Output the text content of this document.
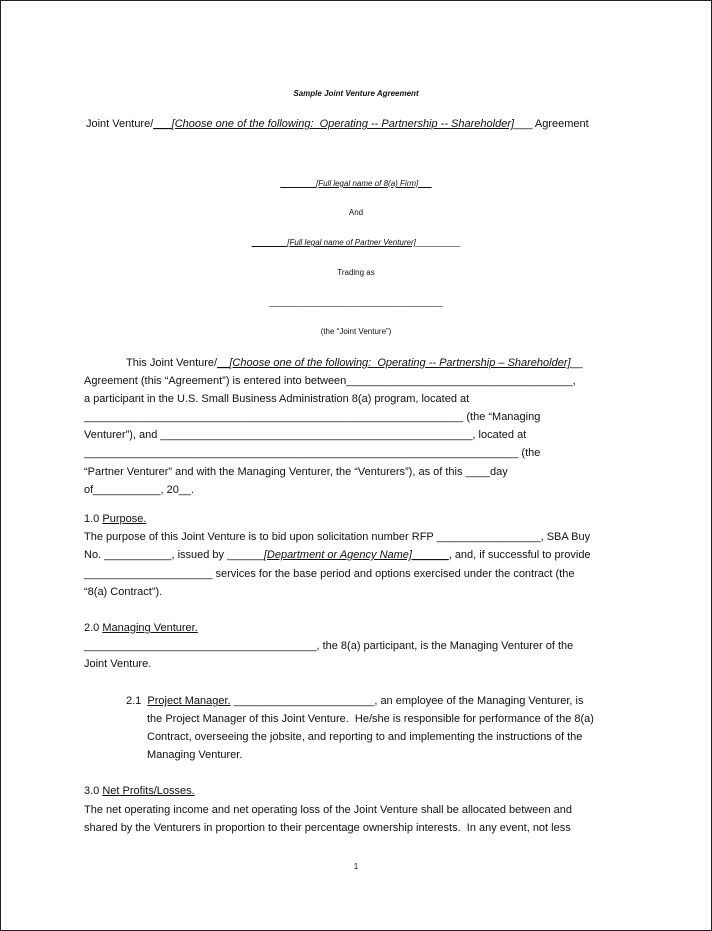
Sample Joint Venture Agreement
Joint Venture/___[Choose one of the following:  Operating -- Partnership -- Shareholder]___ Agreement
________[Full legal name of 8(a) Firm]___
And
________[Full legal name of Partner Venturer]__________
Trading as
_______________________________________
(the “Joint Venture”)
This Joint Venture/__[Choose one of the following:  Operating -- Partnership – Shareholder]__
Agreement (this “Agreement”) is entered into between_____________________________________,
a participant in the U.S. Small Business Administration 8(a) program, located at
______________________________________________________________ (the “Managing
Venturer”), and ___________________________________________________, located at
_______________________________________________________________________ (the
“Partner Venturer” and with the Managing Venturer, the “Venturers”), as of this ____day
of___________, 20__.
1.0 Purpose.
The purpose of this Joint Venture is to bid upon solicitation number RFP _________________, SBA Buy
No. ___________, issued by ______[Department or Agency Name]______, and, if successful to provide
_____________________ services for the base period and options exercised under the contract (the
“8(a) Contract”).
2.0 Managing Venturer.
______________________________________, the 8(a) participant, is the Managing Venturer of the
Joint Venture.
2.1  Project Manager. _______________________, an employee of the Managing Venturer, is
the Project Manager of this Joint Venture.  He/she is responsible for performance of the 8(a)
Contract, overseeing the jobsite, and reporting to and implementing the instructions of the
Managing Venturer.
3.0 Net Profits/Losses.
The net operating income and net operating loss of the Joint Venture shall be allocated between and
shared by the Venturers in proportion to their percentage ownership interests.  In any event, not less
1
